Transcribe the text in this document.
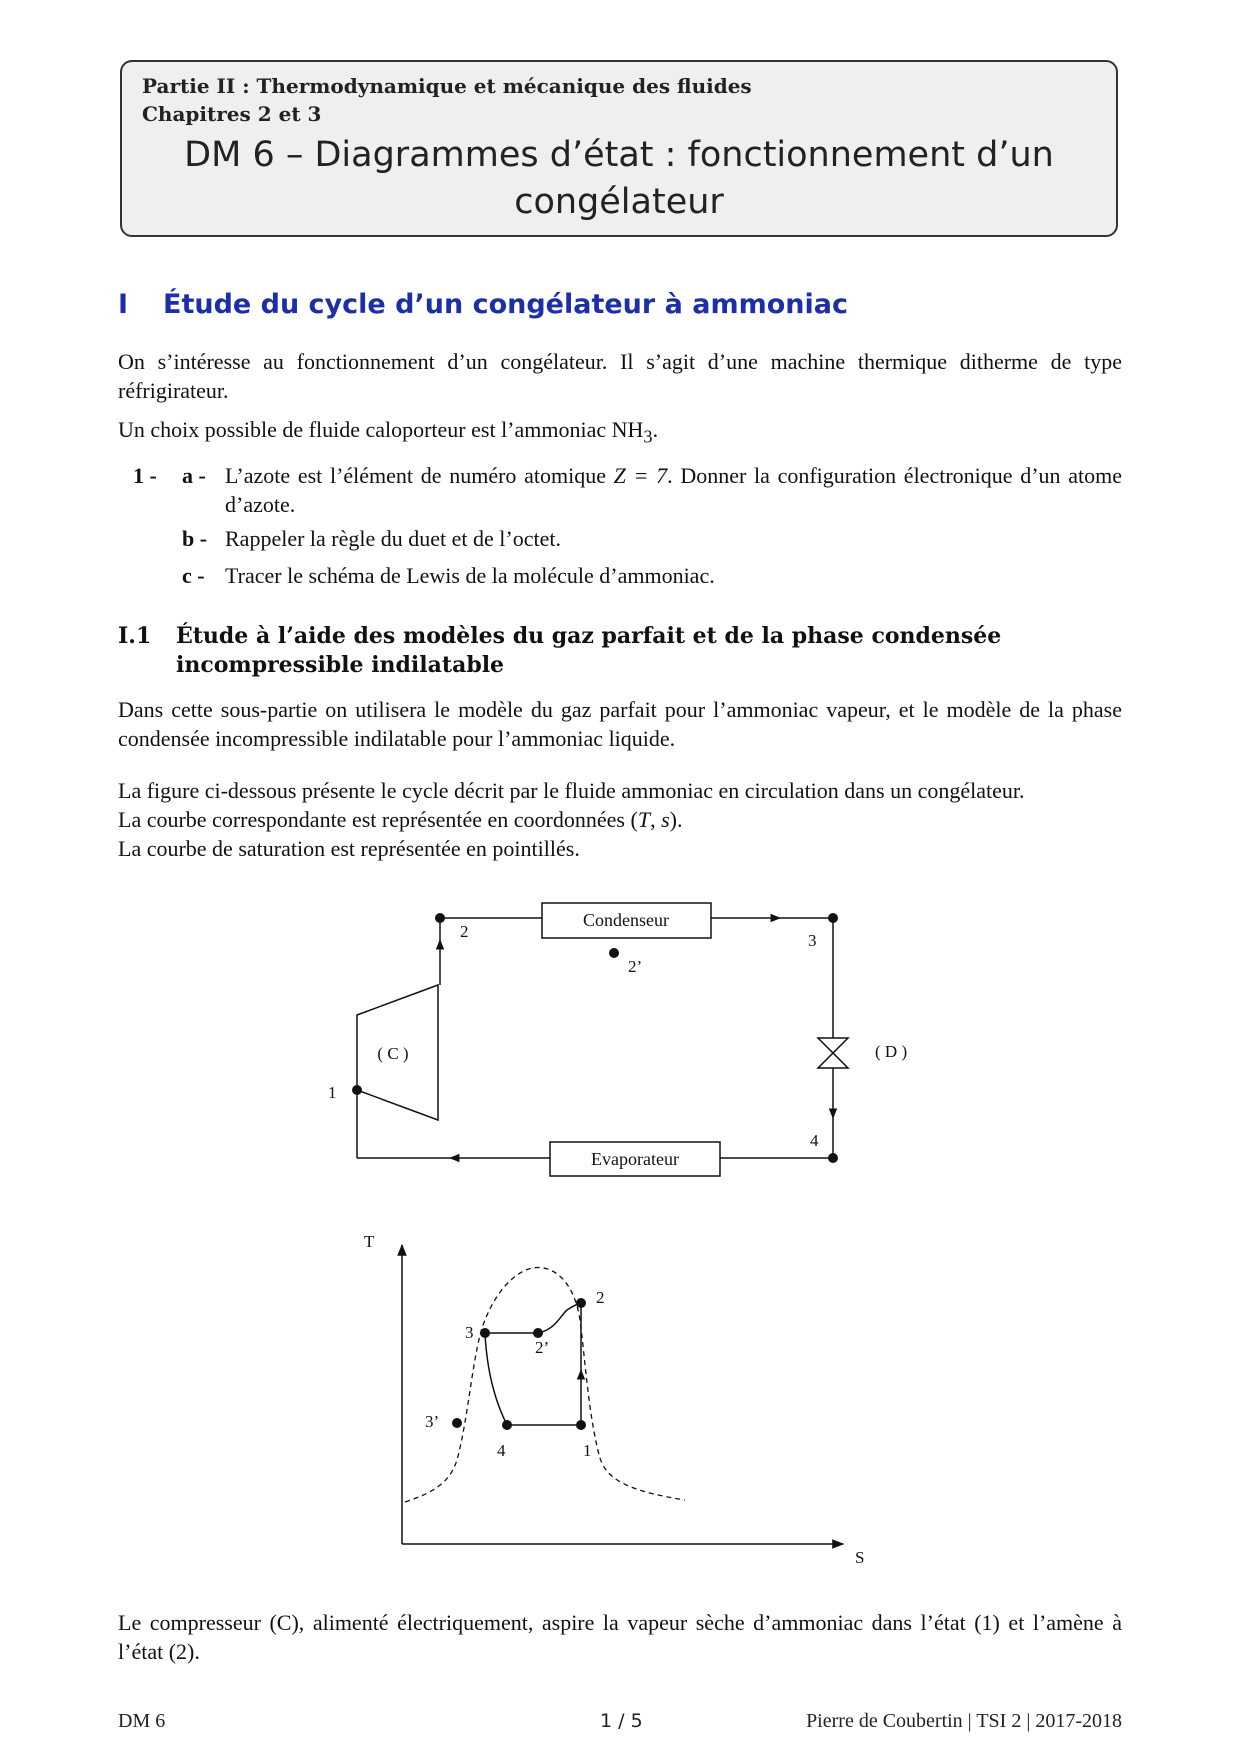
Partie II : Thermodynamique et mécanique des fluides
Chapitres 2 et 3
DM 6 – Diagrammes d’état : fonctionnement d’un congélateur
I Étude du cycle d’un congélateur à ammoniac
On s’intéresse au fonctionnement d’un congélateur. Il s’agit d’une machine thermique ditherme de type réfrigirateur.
Un choix possible de fluide caloporteur est l’ammoniac $NH_3$.
1 - a - L’azote est l’élément de numéro atomique Z = 7. Donner la configuration électronique d’un atome d’azote.
b - Rappeler la règle du duet et de l’octet.
c - Tracer le schéma de Lewis de la molécule d’ammoniac.
I.1 Étude à l’aide des modèles du gaz parfait et de la phase condensée incompressible indilatable
Dans cette sous-partie on utilisera le modèle du gaz parfait pour l’ammoniac vapeur, et le modèle de la phase condensée incompressible indilatable pour l’ammoniac liquide.
La figure ci-dessous présente le cycle décrit par le fluide ammoniac en circulation dans un congélateur.
La courbe correspondante est représentée en coordonnées (T, s).
La courbe de saturation est représentée en pointillés.
Condenseur
( D )
Evaporateur
( C )
2
2’
3
4
1
T
S
3
2’
2
3’
4	1
Le compresseur (C), alimenté électriquement, aspire la vapeur sèche d’ammoniac dans l’état (1) et l’amène à l’état (2).
DM 6	1 / 5	Pierre de Coubertin | TSI 2 | 2017-2018
